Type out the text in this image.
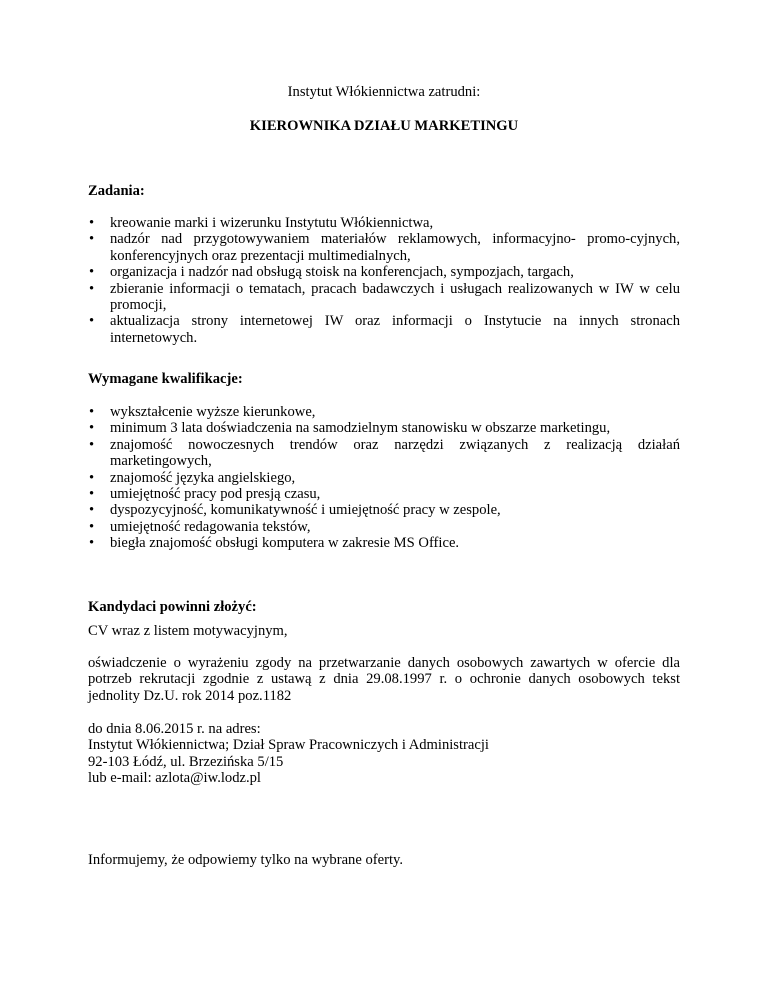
Instytut Włókiennictwa zatrudni:

KIEROWNIKA DZIAŁU MARKETINGU

Zadania:

• kreowanie marki i wizerunku Instytutu Włókiennictwa,
• nadzór nad przygotowywaniem materiałów reklamowych, informacyjno- promo-cyjnych, konferencyjnych oraz prezentacji multimedialnych,
• organizacja i nadzór nad obsługą stoisk na konferencjach, sympozjach, targach,
• zbieranie informacji o tematach, pracach badawczych i usługach realizowanych w IW w celu promocji,
• aktualizacja strony internetowej IW oraz informacji o Instytucie na innych stronach internetowych.

Wymagane kwalifikacje:

• wykształcenie wyższe kierunkowe,
• minimum 3 lata doświadczenia na samodzielnym stanowisku w obszarze marketingu,
• znajomość nowoczesnych trendów oraz narzędzi związanych z realizacją działań marketingowych,
• znajomość języka angielskiego,
• umiejętność pracy pod presją czasu,
• dyspozycyjność, komunikatywność i umiejętność pracy w zespole,
• umiejętność redagowania tekstów,
• biegła znajomość obsługi komputera w zakresie MS Office.

Kandydaci powinni złożyć:

CV wraz z listem motywacyjnym,

oświadczenie o wyrażeniu zgody na przetwarzanie danych osobowych zawartych w ofercie dla potrzeb rekrutacji zgodnie z ustawą z dnia 29.08.1997 r. o ochronie danych osobowych tekst jednolity Dz.U. rok 2014 poz.1182

do dnia 8.06.2015 r. na adres:
Instytut Włókiennictwa; Dział Spraw Pracowniczych i Administracji
92-103 Łódź, ul. Brzezińska 5/15
lub e-mail: azlota@iw.lodz.pl

Informujemy, że odpowiemy tylko na wybrane oferty.
